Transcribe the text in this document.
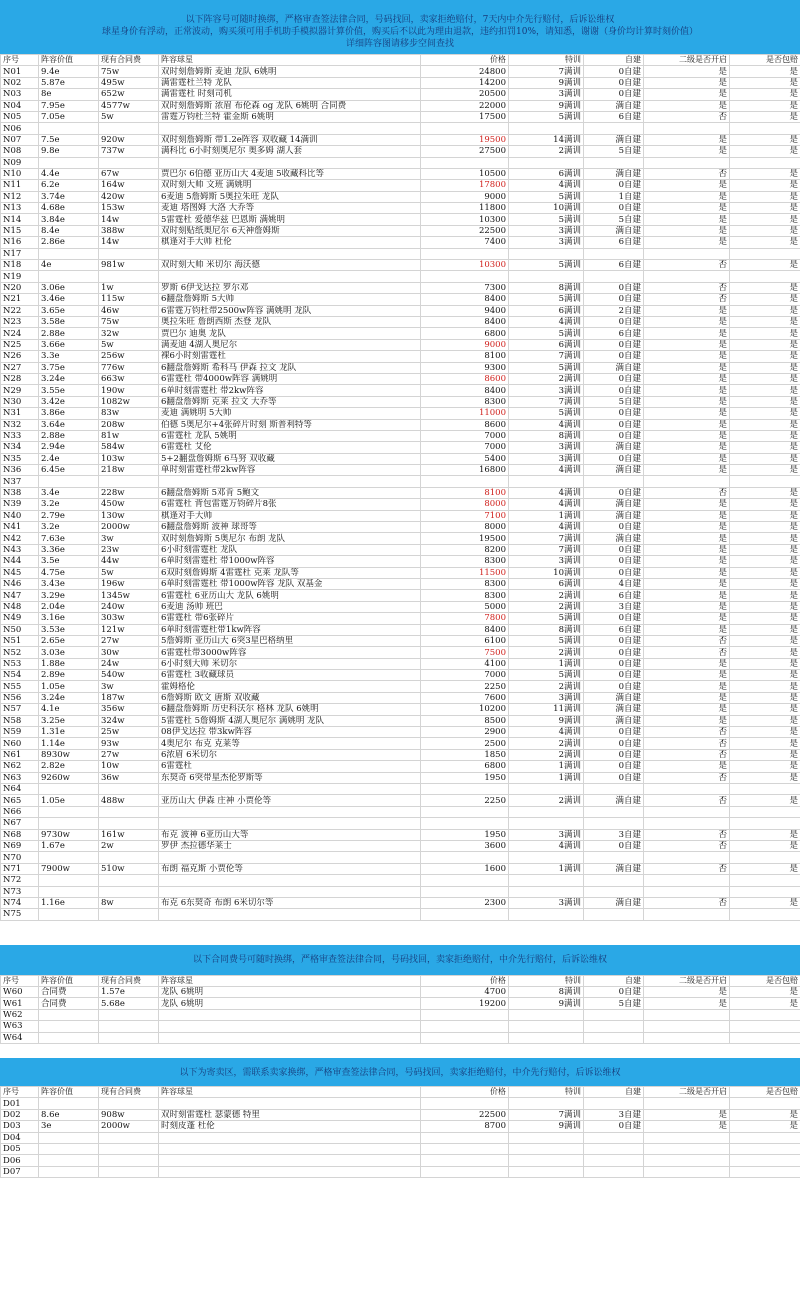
以下阵容号可随时换绑，严格审查签法律合同，号码找回，卖家拒绝赔付，7天内中介先行赔付，后诉讼维权
球星身价有浮动，正常波动，购买须可用手机助手模拟器计算价值，购买后不以此为理由退款，违约扣罚10%，请知悉，谢谢（身价均计算时刻价值）
详细阵容图请移步空间查找
序号	阵容价值	现有合同费	阵容球星	价格	特训	自建	二级是否开启	是否包赔
N01	9.4e	75w	双时刻詹姆斯 麦迪 龙队 6姚明	24800	7满训	0自建	是	是
N02	5.87e	495w	满雷霆杜兰特 龙队	14200	9满训	0自建	是	是
N03	8e	652w	满雷霆杜 时刻司机	20500	3满训	0自建	是	是
N04	7.95e	4577w	双时刻詹姆斯 浓眉 布伦森 og 龙队 6姚明 合同费	22000	9满训	满自建	是	是
N05	7.05e	5w	雷霆万钧杜兰特 霍金斯 6姚明	17500	5满训	6自建	否	是
N06								
N07	7.5e	920w	双时刻詹姆斯 带1.2e阵容 双收藏 14满训	19500	14满训	满自建	是	是
N08	9.8e	737w	满科比 6小时刻奥尼尔 奥多姆 湖人套	27500	2满训	5自建	是	是
N09								
N10	4.4e	67w	贾巴尔 6伯德 亚历山大 4麦迪 5收藏科比等	10500	6满训	满自建	否	是
N11	6.2e	164w	双时刻大帅 文班 满姚明	17800	4满训	0自建	是	是
N12	3.74e	420w	6麦迪 5詹姆斯 5奥拉朱旺 龙队	9000	5满训	1自建	是	是
N13	4.68e	153w	麦迪 塔图姆 大洛 大乔等	11800	10满训	0自建	是	是
N14	3.84e	14w	5雷霆杜 爱德华兹 巴恩斯 满姚明	10300	5满训	5自建	是	是
N15	8.4e	388w	双时刻贴纸奥尼尔 6天神詹姆斯	22500	3满训	满自建	是	是
N16	2.86e	14w	棋逢对手大帅 杜伦	7400	3满训	6自建	是	是
N17								
N18	4e	981w	双时刻大帅 米切尔 海沃德	10300	5满训	6自建	否	是
N19								
N20	3.06e	1w	罗斯 6伊戈达拉 罗尔邓	7300	8满训	0自建	否	是
N21	3.46e	115w	6翻盘詹姆斯 5大帅	8400	5满训	0自建	否	是
N22	3.65e	46w	6雷霆万钧杜带2500w阵容 满姚明 龙队	9400	6满训	2自建	是	是
N23	3.58e	75w	奥拉朱旺 詹朗西斯 杰登 龙队	8400	4满训	0自建	是	是
N24	2.88e	32w	贾巴尔 迪奥 龙队	6800	5满训	6自建	是	是
N25	3.66e	5w	满麦迪 4湖人奥尼尔	9000	6满训	0自建	是	是
N26	3.3e	256w	裸6小时刻雷霆杜	8100	7满训	0自建	是	是
N27	3.75e	776w	6翻盘詹姆斯 希科马 伊森 拉文 龙队	9300	5满训	满自建	是	是
N28	3.24e	663w	6雷霆杜 带4000w阵容 满姚明	8600	2满训	0自建	是	是
N29	3.55e	190w	6单时刻雷霆杜 带2kw阵容	8400	3满训	0自建	是	是
N30	3.42e	1082w	6翻盘詹姆斯 克莱 拉文 大乔等	8300	7满训	5自建	是	是
N31	3.86e	83w	麦迪 满姚明 5大帅	11000	5满训	0自建	是	是
N32	3.64e	208w	伯德 5奥尼尔+4张碎片时刻 斯普利特等	8600	4满训	0自建	是	是
N33	2.88e	81w	6雷霆杜 龙队 5姚明	7000	8满训	0自建	是	是
N34	2.94e	584w	6雷霆杜 艾伦	7000	3满训	满自建	是	是
N35	2.4e	103w	5+2翻盘詹姆斯 6马努 双收藏	5400	3满训	0自建	是	是
N36	6.45e	218w	单时刻雷霆杜带2kw阵容	16800	4满训	满自建	是	是
N37								
N38	3.4e	228w	6翻盘詹姆斯 5邓肯 5鲍文	8100	4满训	0自建	否	是
N39	3.2e	450w	6雷霆杜 背包雷霆万钧碎片8张	8000	4满训	满自建	是	是
N40	2.79e	130w	棋逢对手大帅	7100	1满训	满自建	是	是
N41	3.2e	2000w	6翻盘詹姆斯 波神 球哥等	8000	4满训	0自建	是	是
N42	7.63e	3w	双时刻詹姆斯 5奥尼尔 布朗 龙队	19500	7满训	满自建	是	是
N43	3.36e	23w	6小时刻雷霆杜 龙队	8200	7满训	0自建	是	是
N44	3.5e	44w	6单时刻雷霆杜 带1000w阵容	8300	3满训	0自建	是	是
N45	4.75e	5w	6双时刻詹姆斯 4雷霆杜 克莱 龙队等	11500	10满训	0自建	是	是
N46	3.43e	196w	6单时刻雷霆杜 带1000w阵容 龙队 双基金	8300	6满训	4自建	是	是
N47	3.29e	1345w	6雷霆杜 6亚历山大 龙队 6姚明	8300	2满训	6自建	是	是
N48	2.04e	240w	6麦迪 汤帅 班巴	5000	2满训	3自建	是	是
N49	3.16e	303w	6雷霆杜 带6张碎片	7800	5满训	0自建	是	是
N50	3.53e	121w	6单时刻雷霆杜带1kw阵容	8400	8满训	6自建	是	是
N51	2.65e	27w	5詹姆斯 亚历山大 6突3星巴格纳里	6100	5满训	0自建	否	是
N52	3.03e	30w	6雷霆杜带3000w阵容	7500	2满训	0自建	否	是
N53	1.88e	24w	6小时刻大帅 米切尔	4100	1满训	0自建	是	是
N54	2.89e	540w	6雷霆杜 3收藏球员	7000	5满训	0自建	是	是
N55	1.05e	3w	霍姆格伦	2250	2满训	0自建	是	是
N56	3.24e	187w	6詹姆斯 欧文 唐斯 双收藏	7600	3满训	满自建	是	是
N57	4.1e	356w	6翻盘詹姆斯 历史科沃尔 格林 龙队 6姚明	10200	11满训	满自建	是	是
N58	3.25e	324w	5雷霆杜 5詹姆斯 4湖人奥尼尔 满姚明 龙队	8500	9满训	满自建	是	是
N59	1.31e	25w	08伊戈达拉 带3kw阵容	2900	4满训	0自建	否	是
N60	1.14e	93w	4奥尼尔 布克 克莱等	2500	2满训	0自建	否	是
N61	8930w	27w	6浓眉 6米切尔	1850	2满训	0自建	否	是
N62	2.82e	10w	6雷霆杜	6800	1满训	0自建	是	是
N63	9260w	36w	东契奇 6突带星杰伦罗斯等	1950	1满训	0自建	否	是
N64								
N65	1.05e	488w	亚历山大 伊森 庄神 小贾伦等	2250	2满训	满自建	否	是
N66								
N67								
N68	9730w	161w	布克 波神 6亚历山大等	1950	3满训	3自建	否	是
N69	1.67e	2w	罗伊 杰拉德华莱士	3600	4满训	0自建	否	是
N70								
N71	7900w	510w	布朗 福克斯 小贾伦等	1600	1满训	满自建	否	是
N72								
N73								
N74	1.16e	8w	布克 6东契奇 布朗 6米切尔等	2300	3满训	满自建	否	是
N75								
以下合同费号可随时换绑，严格审查签法律合同，号码找回，卖家拒绝赔付，中介先行赔付，后诉讼维权
序号	阵容价值	现有合同费	阵容球星	价格	特训	自建	二级是否开启	是否包赔
W60	合同费	1.57e	龙队 6姚明	4700	8满训	0自建	是	是
W61	合同费	5.68e	龙队 6姚明	19200	9满训	5自建	是	是
W62								
W63								
W64								
以下为寄卖区，需联系卖家换绑，严格审查签法律合同，号码找回，卖家拒绝赔付，中介先行赔付，后诉讼维权
序号	阵容价值	现有合同费	阵容球星	价格	特训	自建	二级是否开启	是否包赔
D01								
D02	8.6e	908w	双时刻雷霆杜 瑟蒙德 特里	22500	7满训	3自建	是	是
D03	3e	2000w	时刻皮蓬 杜伦	8700	9满训	0自建	是	是
D04								
D05								
D06								
D07								
